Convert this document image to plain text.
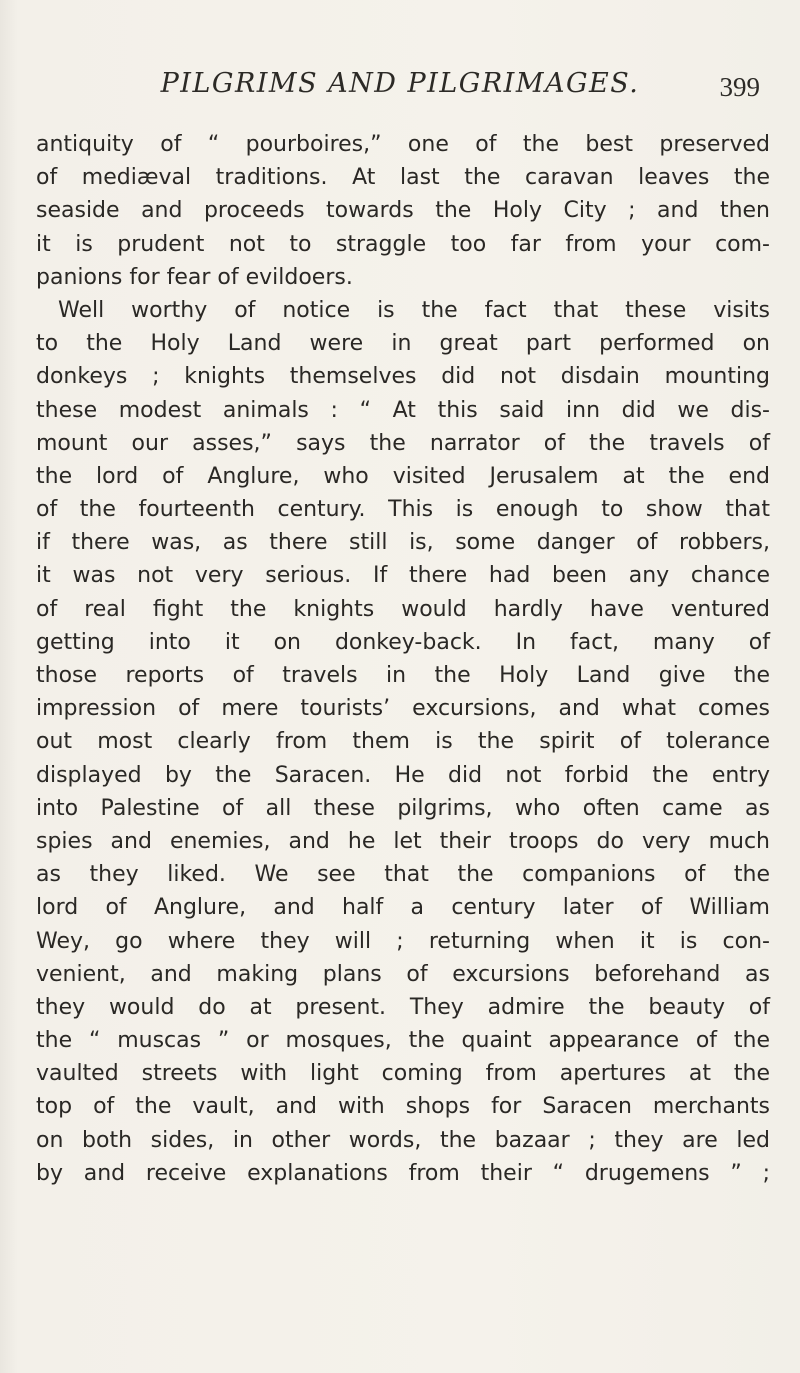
PILGRIMS AND PILGRIMAGES.	399
antiquity of “ pourboires,” one of the best preserved
of mediæval traditions. At last the caravan leaves the
seaside and proceeds towards the Holy City ; and then
it is prudent not to straggle too far from your com-
panions for fear of evildoers.
Well worthy of notice is the fact that these visits
to the Holy Land were in great part performed on
donkeys ; knights themselves did not disdain mounting
these modest animals : “ At this said inn did we dis-
mount our asses,” says the narrator of the travels of
the lord of Anglure, who visited Jerusalem at the end
of the fourteenth century. This is enough to show that
if there was, as there still is, some danger of robbers,
it was not very serious. If there had been any chance
of real fight the knights would hardly have ventured
getting into it on donkey-back. In fact, many of
those reports of travels in the Holy Land give the
impression of mere tourists’ excursions, and what comes
out most clearly from them is the spirit of tolerance
displayed by the Saracen. He did not forbid the entry
into Palestine of all these pilgrims, who often came as
spies and enemies, and he let their troops do very much
as they liked. We see that the companions of the
lord of Anglure, and half a century later of William
Wey, go where they will ; returning when it is con-
venient, and making plans of excursions beforehand as
they would do at present. They admire the beauty of
the “ muscas ” or mosques, the quaint appearance of the
vaulted streets with light coming from apertures at the
top of the vault, and with shops for Saracen merchants
on both sides, in other words, the bazaar ; they are led
by and receive explanations from their “ drugemens ” ;
